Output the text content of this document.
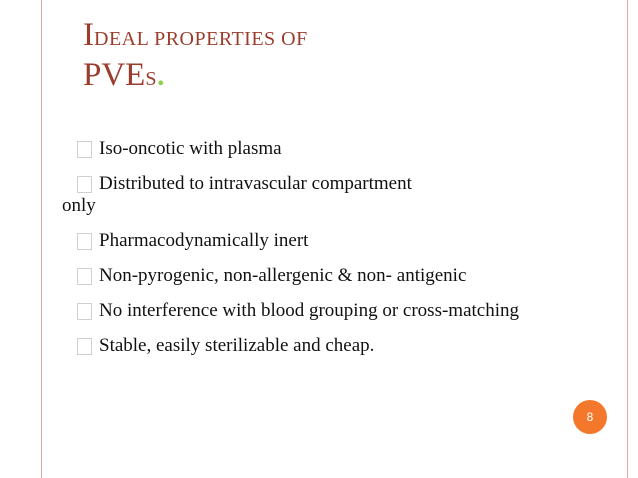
IDEAL PROPERTIES OF
PVES.
Iso-oncotic with plasma
Distributed to intravascular compartment
only
Pharmacodynamically inert
Non-pyrogenic, non-allergenic & non- antigenic
No interference with blood grouping or cross-matching
Stable, easily sterilizable and cheap.
8
